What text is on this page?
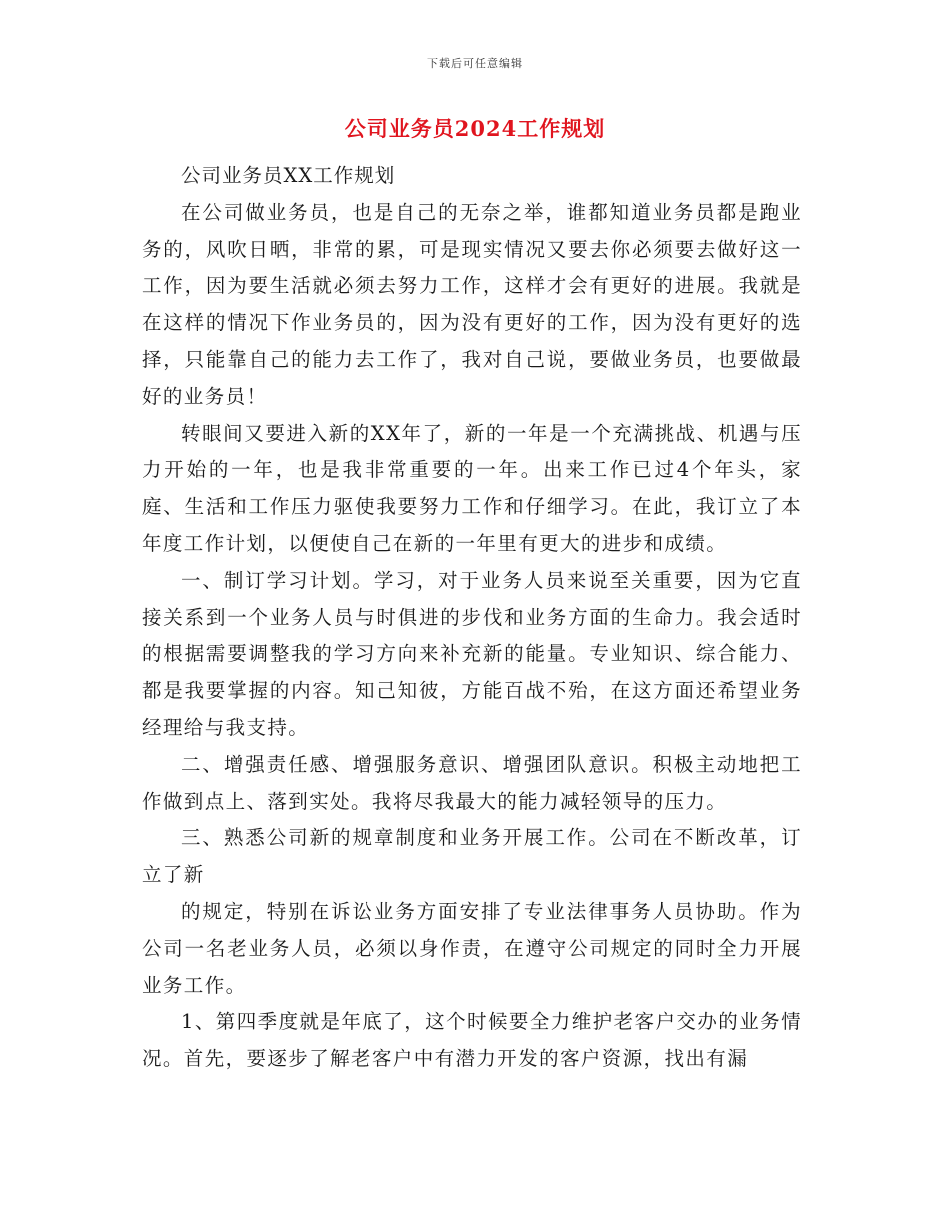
下载后可任意编辑
公司业务员2024工作规划

公司业务员XX工作规划

在公司做业务员，也是自己的无奈之举，谁都知道业务员都是跑业务的，风吹日晒，非常的累，可是现实情况又要去你必须要去做好这一工作，因为要生活就必须去努力工作，这样才会有更好的进展。我就是在这样的情况下作业务员的，因为没有更好的工作，因为没有更好的选择，只能靠自己的能力去工作了，我对自己说，要做业务员，也要做最好的业务员！

转眼间又要进入新的XX年了，新的一年是一个充满挑战、机遇与压力开始的一年，也是我非常重要的一年。出来工作已过4个年头，家庭、生活和工作压力驱使我要努力工作和仔细学习。在此，我订立了本年度工作计划，以便使自己在新的一年里有更大的进步和成绩。

一、制订学习计划。学习，对于业务人员来说至关重要，因为它直接关系到一个业务人员与时俱进的步伐和业务方面的生命力。我会适时的根据需要调整我的学习方向来补充新的能量。专业知识、综合能力、都是我要掌握的内容。知己知彼，方能百战不殆，在这方面还希望业务经理给与我支持。

二、增强责任感、增强服务意识、增强团队意识。积极主动地把工作做到点上、落到实处。我将尽我最大的能力减轻领导的压力。

三、熟悉公司新的规章制度和业务开展工作。公司在不断改革，订立了新

的规定，特别在诉讼业务方面安排了专业法律事务人员协助。作为公司一名老业务人员，必须以身作责，在遵守公司规定的同时全力开展业务工作。

1、第四季度就是年底了，这个时候要全力维护老客户交办的业务情况。首先，要逐步了解老客户中有潜力开发的客户资源，找出有漏
